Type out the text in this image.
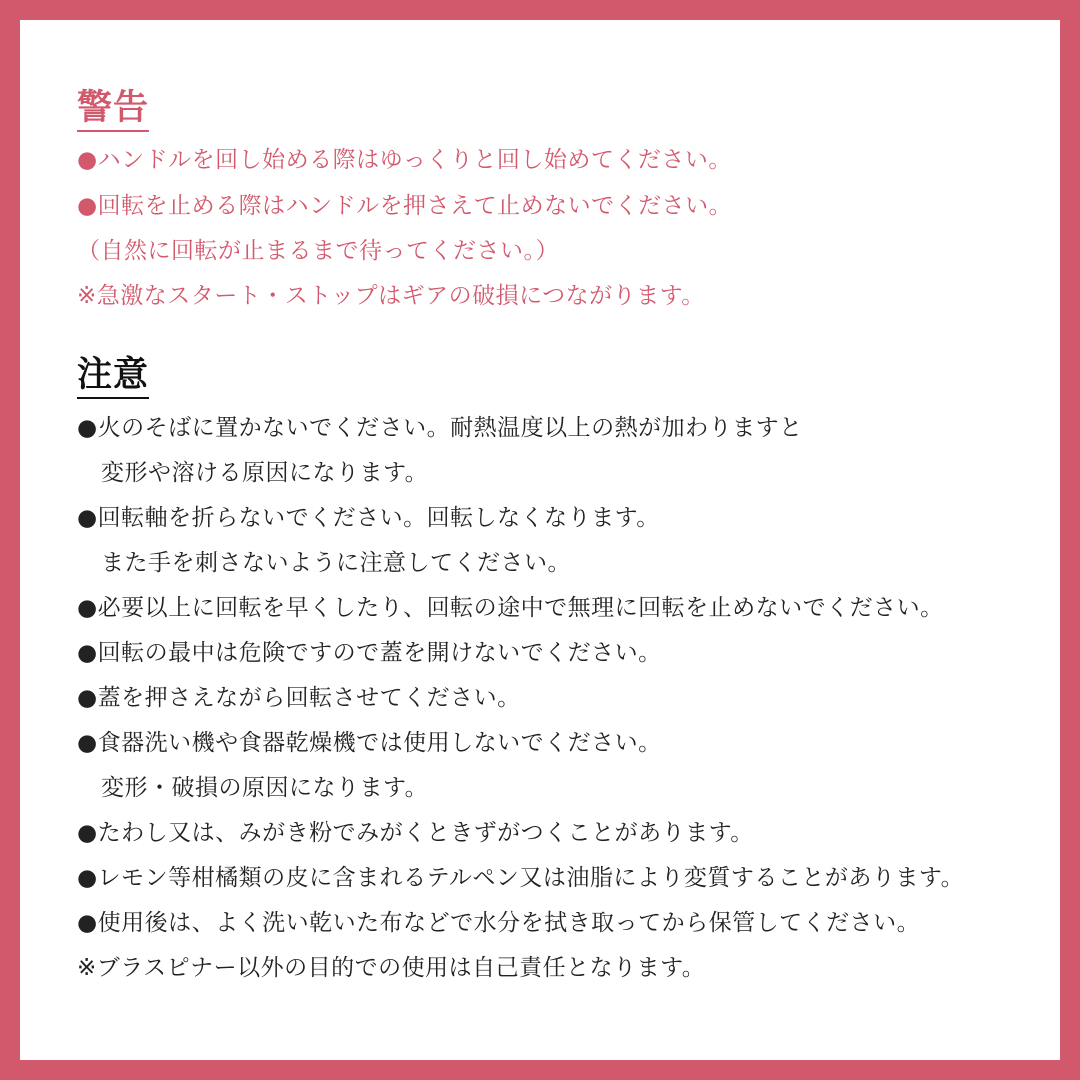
警告
●ハンドルを回し始める際はゆっくりと回し始めてください。
●回転を止める際はハンドルを押さえて止めないでください。
（自然に回転が止まるまで待ってください。）
※急激なスタート・ストップはギアの破損につながります。
注意
●火のそばに置かないでください。耐熱温度以上の熱が加わりますと
変形や溶ける原因になります。
●回転軸を折らないでください。回転しなくなります。
また手を刺さないように注意してください。
●必要以上に回転を早くしたり、回転の途中で無理に回転を止めないでください。
●回転の最中は危険ですので蓋を開けないでください。
●蓋を押さえながら回転させてください。
●食器洗い機や食器乾燥機では使用しないでください。
変形・破損の原因になります。
●たわし又は、みがき粉でみがくときずがつくことがあります。
●レモン等柑橘類の皮に含まれるテルペン又は油脂により変質することがあります。
●使用後は、よく洗い乾いた布などで水分を拭き取ってから保管してください。
※ブラスピナー以外の目的での使用は自己責任となります。
